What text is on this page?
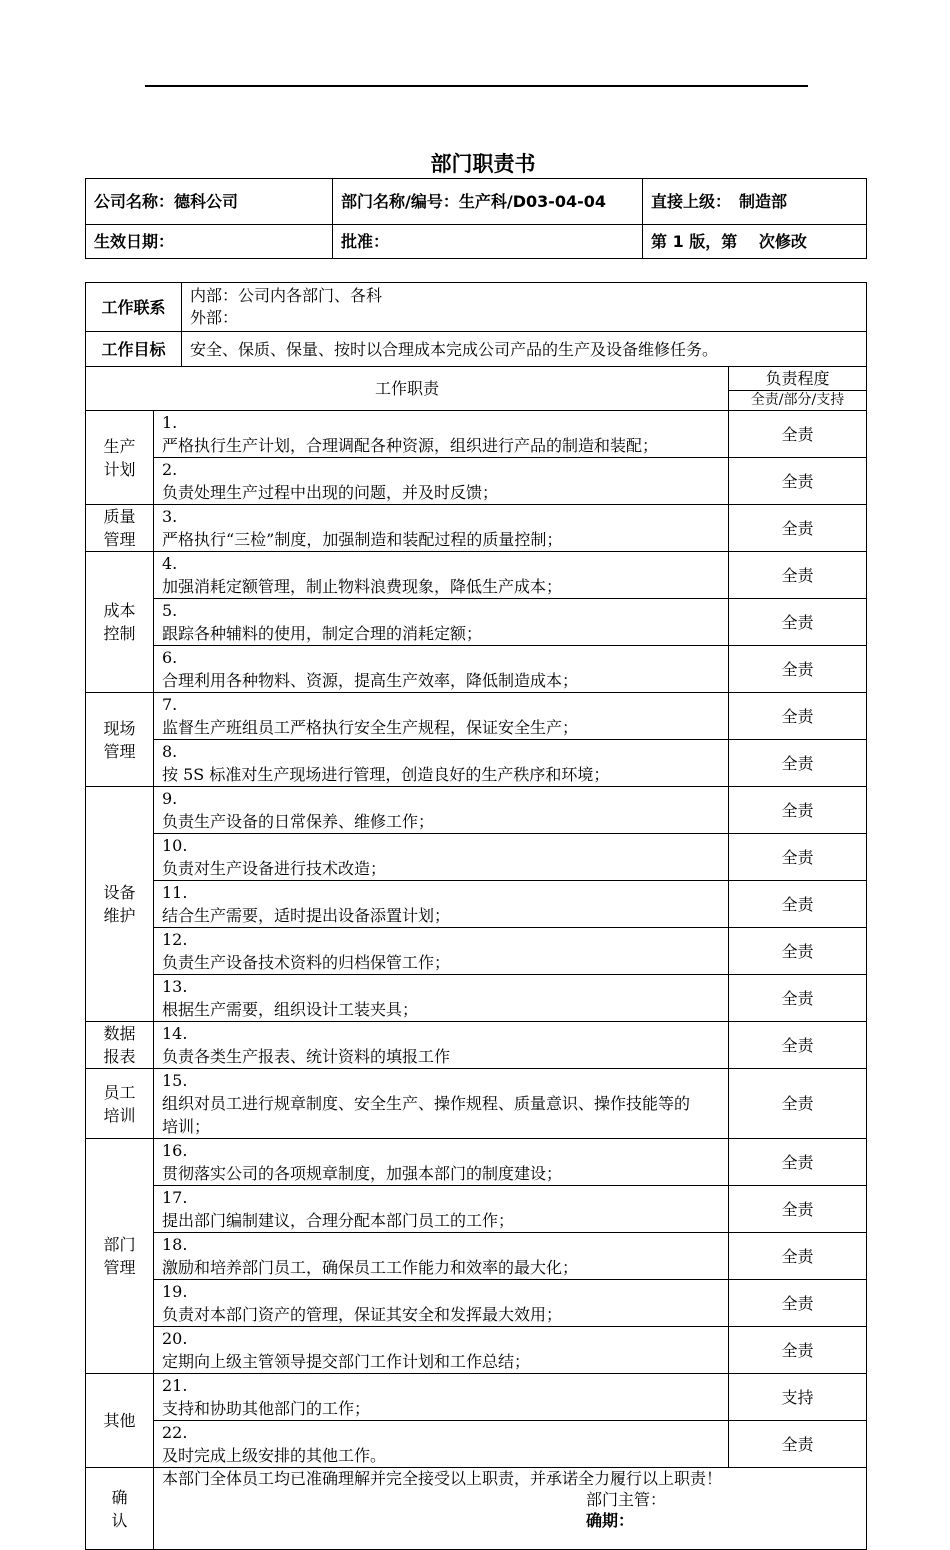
部门职责书
公司名称：德科公司	部门名称/编号：生产科/D03-04-04	直接上级：　制造部
生效日期：	批准：	第 1 版，第　 次修改
工作联系		内部：公司内各部门、各科
外部：	

工作目标		安全、保质、保量、按时以合理成本完成公司产品的生产及设备维修任务。	
工作职责			负责程度
全责/部分/支持

生产计划	1.严格执行生产计划，合理调配各种资源，组织进行产品的制造和装配；		全责
	2.负责处理生产过程中出现的问题，并及时反馈；		全责
质量管理	3.严格执行“三检”制度，加强制造和装配过程的质量控制；		全责
成本控制	4.加强消耗定额管理，制止物料浪费现象，降低生产成本；		全责
	5.跟踪各种辅料的使用，制定合理的消耗定额；		全责
	6.合理利用各种物料、资源，提高生产效率，降低制造成本；		全责
现场管理	7.监督生产班组员工严格执行安全生产规程，保证安全生产；		全责
	8.按 5S 标准对生产现场进行管理，创造良好的生产秩序和环境；		全责
设备维护	9.负责生产设备的日常保养、维修工作；		全责
	10.负责对生产设备进行技术改造；		全责
	11.结合生产需要，适时提出设备添置计划；		全责
	12.负责生产设备技术资料的归档保管工作；		全责
	13.根据生产需要，组织设计工装夹具；		全责
数据报表	14.负责各类生产报表、统计资料的填报工作		全责
员工培训	15.组织对员工进行规章制度、安全生产、操作规程、质量意识、操作技能等的培训；		全责
部门管理	16.贯彻落实公司的各项规章制度，加强本部门的制度建设；		全责
	17.提出部门编制建议，合理分配本部门员工的工作；		全责
	18.激励和培养部门员工，确保员工工作能力和效率的最大化；		全责
	19.负责对本部门资产的管理，保证其安全和发挥最大效用；		全责
	20.定期向上级主管领导提交部门工作计划和工作总结；		全责
其他	21.支持和协助其他部门的工作；		支持
	22.及时完成上级安排的其他工作。		全责
确认	本部门全体员工均已准确理解并完全接受以上职责，并承诺全力履行以上职责！
部门主管：
确期：		
